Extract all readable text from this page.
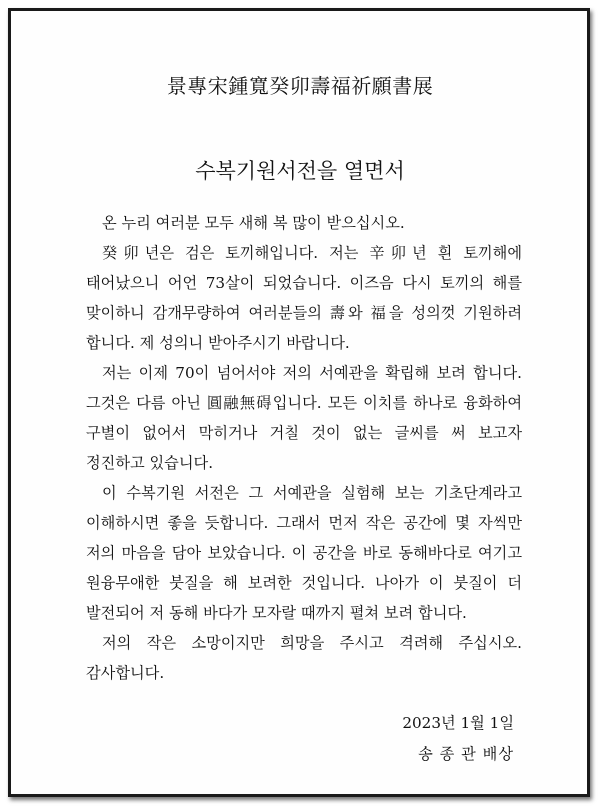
景專宋鍾寬癸卯壽福祈願書展
수복기원서전을 열면서

온 누리 여러분 모두 새해 복 많이 받으십시오.

癸卯년은 검은 토끼해입니다. 저는 辛卯년 흰 토끼해에 태어났으니 어언 73살이 되었습니다. 이즈음 다시 토끼의 해를 맞이하니 감개무량하여 여러분들의 壽와 福을 성의껏 기원하려 합니다. 제 성의니 받아주시기 바랍니다.

저는 이제 70이 넘어서야 저의 서예관을 확립해 보려 합니다. 그것은 다름 아닌 圓融無碍입니다. 모든 이치를 하나로 융화하여 구별이 없어서 막히거나 거칠 것이 없는 글씨를 써 보고자 정진하고 있습니다.

이 수복기원 서전은 그 서예관을 실험해 보는 기초단계라고 이해하시면 좋을 듯합니다. 그래서 먼저 작은 공간에 몇 자씩만 저의 마음을 담아 보았습니다. 이 공간을 바로 동해바다로 여기고 원융무애한 붓질을 해 보려한 것입니다. 나아가 이 붓질이 더 발전되어 저 동해 바다가 모자랄 때까지 펼쳐 보려 합니다.

저의 작은 소망이지만 희망을 주시고 격려해 주십시오. 감사합니다.

2023년 1월 1일
송 종 관 배상
